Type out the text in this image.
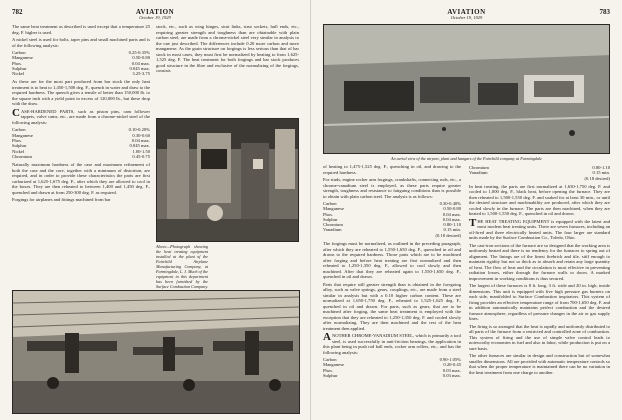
782	AVIATION
October 19, 1929

The same heat treatment as described is used except that a temperature 25 deg. F. higher is used.

A nickel steel is used for bolts, taper pins and small machined parts and is of the following analysis:

Carbon	0.25-0.35%
Manganese	0.50-0.80
Phos.	0.04 max.
Sulphur	0.045 max.
Nickel	3.25-3.75

As these are for the most part produced from bar stock the only heat treatment is to heat to 1,450-1,500 deg. F., quench in water and draw to the required hardness. The quench gives a tensile of better than 150,000 lb. to the square inch with a yield point in excess of 120,000 lb., but these drop with the draw.

CASE-HARDENED PARTS, such as piston pins, cam follower tappets, valve cams, etc., are made from a chrome-nickel steel of the following analysis:

Carbon	0.10-0.20%
Manganese	0.30-0.60
Phos.	0.04 max.
Sulphur	0.045 max.
Nickel	1.00-1.50
Chromium	0.45-0.75

Naturally maximum hardness of the case and maximum refinement of both the case and the core, together with a minimum of distortion, are required, and in order to provide these characteristics the parts are first carburized at 1,625-1,675 deg. F., after which they are allowed to cool in the boxes. They are then reheated to between 1,400 and 1,450 deg. F., quenched and drawn at from 250-300 deg. F. as required.

Forgings for airplanes and fittings machined from bar

stock, etc., such as wing hinges, strut links, strut sockets, hull ends, etc., requiring greater strength and toughness than are obtainable with plain carbon steel, are made from a chrome-nickel steel very similar in analysis to the one just described. The differences include 0.20 more carbon and more manganese. As the grain structure on forgings is less serious than that of bar stock in most cases, they must first be normalized by heating to from 1,625-1,525 deg. F. The heat treatment for both forgings and bar stock produces good structure in the fibre and exclusive of the normalizing of the forgings, consists

Above—Photograph showing the heat treating equipment installed at the plant of the Fairchild Airplane Manufacturing Company, at Farmingdale, L. I. Much of the equipment in this department has been furnished by the Surface Combustion Company.
AVIATION
October 19, 1929
783
An aerial view of the airport, plant and hangars of the Fairchild company at Farmingdale

of heating to 1,475-1,525 deg. F., quenching in oil, and drawing to the required hardness.

For studs, engine rocker arm forgings, crankshafts, connecting rods, etc., a chrome-vanadium steel is employed, as these parts require greater strength, toughness and resistance to fatiguing conditions than is possible to obtain with plain carbon steel. The analysis is as follows:

Carbon	0.30-0.40%
Manganese	0.50-0.80
Phos.	0.04 max.
Sulphur	0.04 max.
Chromium	0.80-1.10
Vanadium	0.15 min.
	(0.18 desired)

The forgings must be normalized, as outlined in the preceding paragraph, after which they are reheated to 1,550-1,650 deg. F., quenched in oil and drawn to the required hardness. Those parts which are to be machined after forging and before heat treating are first normalized and then reheated to 1,250-1,350 deg. F., allowed to cool slowly and then machined. After that they are reheated again to 1,550-1,650 deg. F., quenched in oil and drawn.

Parts that require still greater strength than is obtained in the foregoing alloy, such as valve springs, gears, couplings, etc., are made from a steel similar in analysis but with a 0.10 higher carbon content. These are normalized at 1,650-1,750 deg. F., reheated to 1,525-1,625 deg. F., quenched in oil and drawn. For parts, such as gears, that are to be machined after forging, the same heat treatment is employed with the exception that they are reheated to 1,250-1,350 deg. F. and cooled slowly after normalizing. They are then machined and the rest of the heat treatment then applied.

ANOTHER CHROME-VANADIUM STEEL, which is primarily a tool steel, is used successfully in anti-friction bearings, the application in this plant being in push rod ball ends, rocker arm rollers, etc., and has the following analysis:

Carbon	0.90-1.05%
Manganese	0.20-0.45
Phos.	0.03 max.
Sulphur	0.03 max.
Chromium	0.80-1.10
Vanadium	0.15 min.
	(0.18 desired)

In heat treating, the parts are first normalized at 1,650-1,750 deg. F. and cooled to 1,000 deg. F., black heat, before opening the furnace. They are then reheated to 1,500-1,550 deg. F. and soaked for at least 30 min., or until the desired structure and machinability are produced, after which they are cooled slowly in the furnace. The parts are then machined, when they are heated to 1,500-1,550 deg. F., quenched in oil and drawn.

THE HEAT TREATING EQUIPMENT is equipped with the latest and most modern heat treating units. There are seven furnaces, including an oil-fired and three electrically heated units. The four larger are standard units made by the Surface Combustion Co., Toledo, Ohio.

The cast-iron sections of the furnace are so designed that the working area is uniformly heated and there is no tendency for the furnaces to spring out of alignment. The linings are of the finest firebrick and tile, stiff enough to maintain rigidity but not so thick as to absorb and retain any large quantity of heat. The flow of heat and the circulation is most effective in preventing radiation losses, either through the furnace walls or doors. A marked improvement in working conditions is thus secured.

The largest of these furnaces is 8 ft. long, 3 ft. wide and 20 in. high, inside dimensions. This unit is equipped with five high pressure gas burners on each side, manifolded to Surface Combustion inspirators. This system of firing provides an effective temperature range of from 700-1,650 deg. F. and in addition automatically maintains perfect combustion and the desired furnace atmosphere, regardless of pressure changes in the air or gas supply lines.

The firing is so arranged that the heat is rapidly and uniformly distributed to all parts of the furnace from a restricted and controlled zone of combustion. This system of firing and the use of simple valve control leads to noteworthy economies in fuel and also in labor, while production is put on a sure basis.

The other furnaces are similar in design and construction but of somewhat smaller dimensions. All are provided with automatic temperature controls so that when the proper temperature is maintained there can be no variation in the heat treatment from one charge to another.
